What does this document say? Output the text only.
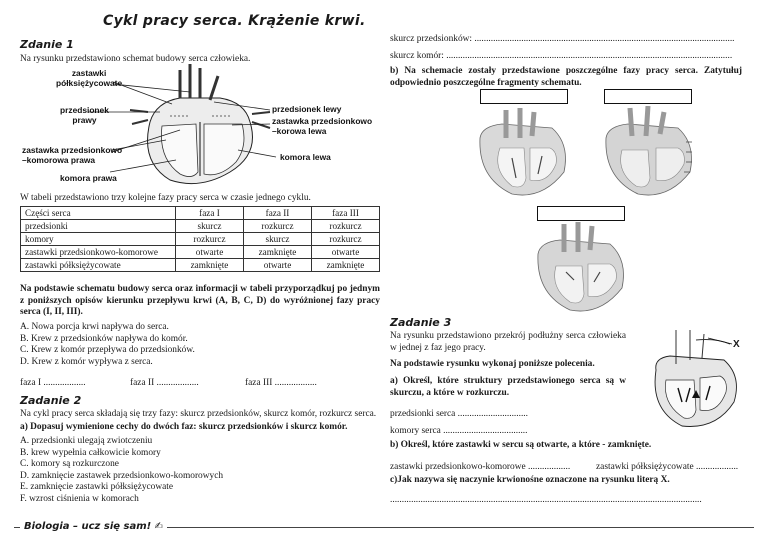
Cykl pracy serca. Krążenie krwi.
Zdanie 1
Na rysunku przedstawiono schemat budowy serca człowieka.
zastawki
półksiężycowate
przedsionek
prawy
zastawka przedsionkowo
–komorowa prawa
komora prawa
przedsionek lewy
zastawka przedsionkowo
–korowa lewa
komora lewa
W tabeli przedstawiono trzy kolejne fazy pracy serca w czasie jednego cyklu.
Części serca	faza I	faza II	faza III
przedsionki	skurcz	rozkurcz	rozkurcz
komory	rozkurcz	skurcz	rozkurcz
zastawki przedsionkowo-komorowe	otwarte	zamknięte	otwarte
zastawki półksiężycowate	zamknięte	otwarte	zamknięte
Na podstawie schematu budowy serca oraz informacji w tabeli przyporządkuj po jednym z poniższych opisów kierunku przepływu krwi (A, B, C, D) do wyróżnionej fazy pracy serca (I, II, III).
A. Nowa porcja krwi napływa do serca.
B. Krew z przedsionków napływa do komór.
C. Krew z komór przepływa do przedsionków.
D. Krew z komór wypływa z serca.
faza I ..................	faza II ..................	faza III ..................
Zadanie 2
Na cykl pracy serca składają się trzy fazy: skurcz przedsionków, skurcz komór, rozkurcz serca.
a) Dopasuj wymienione cechy do dwóch faz: skurcz przedsionków i skurcz komór.
A. przedsionki ulegają zwiotczeniu
B. krew wypełnia całkowicie komory
C. komory są rozkurczone
D. zamknięcie zastawek przedsionkowo-komorowych
E. zamknięcie zastawki półksiężycowate
F. wzrost ciśnienia w komorach
Biologia – ucz się sam! ✍
skurcz przedsionków: ...............................................................................................................
skurcz komór: ..........................................................................................................................
b) Na schemacie zostały przedstawione poszczególne fazy pracy serca. Zatytułuj odpowiednio poszczególne fragmenty schematu.
Zadanie 3
Na rysunku przedstawiono przekrój podłużny serca człowieka w jednej z faz jego pracy.
Na podstawie rysunku wykonaj poniższe polecenia.
a) Określ, które struktury przedstawionego serca są w skurczu, a które w rozkurczu.
X
przedsionki serca ..............................
komory serca ....................................
b) Określ, które zastawki w sercu są otwarte, a które - zamknięte.
zastawki przedsionkowo-komorowe ..................	zastawki półksiężycowate ..................
c)Jak nazywa się naczynie krwionośne oznaczone na rysunku literą X.
.....................................................................................................................................
